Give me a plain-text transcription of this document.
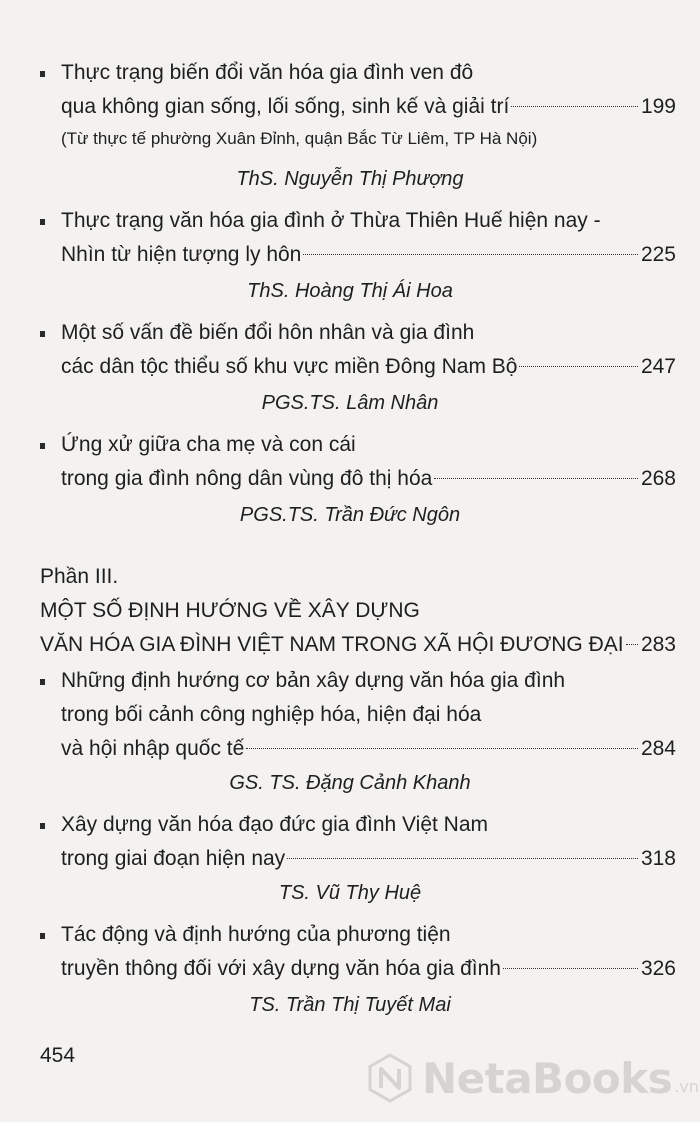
Thực trạng biến đổi văn hóa gia đình ven đô
qua không gian sống, lối sống, sinh kế và giải trí	199
(Từ thực tế phường Xuân Đỉnh, quận Bắc Từ Liêm, TP Hà Nội)
ThS. Nguyễn Thị Phượng
Thực trạng văn hóa gia đình ở Thừa Thiên Huế hiện nay -
Nhìn từ hiện tượng ly hôn	225
ThS. Hoàng Thị Ái Hoa
Một số vấn đề biến đổi hôn nhân và gia đình
các dân tộc thiểu số khu vực miền Đông Nam Bộ	247
PGS.TS. Lâm Nhân
Ứng xử giữa cha mẹ và con cái
trong gia đình nông dân vùng đô thị hóa	268
PGS.TS. Trần Đức Ngôn
Phần III.
MỘT SỐ ĐỊNH HƯỚNG VỀ XÂY DỰNG
VĂN HÓA GIA ĐÌNH VIỆT NAM TRONG XÃ HỘI ĐƯƠNG ĐẠI 283
Những định hướng cơ bản xây dựng văn hóa gia đình
trong bối cảnh công nghiệp hóa, hiện đại hóa
và hội nhập quốc tế	284
GS. TS. Đặng Cảnh Khanh
Xây dựng văn hóa đạo đức gia đình Việt Nam
trong giai đoạn hiện nay	318
TS. Vũ Thy Huệ
Tác động và định hướng của phương tiện
truyền thông đối với xây dựng văn hóa gia đình	326
TS. Trần Thị Tuyết Mai
454	NetaBooks .vn
